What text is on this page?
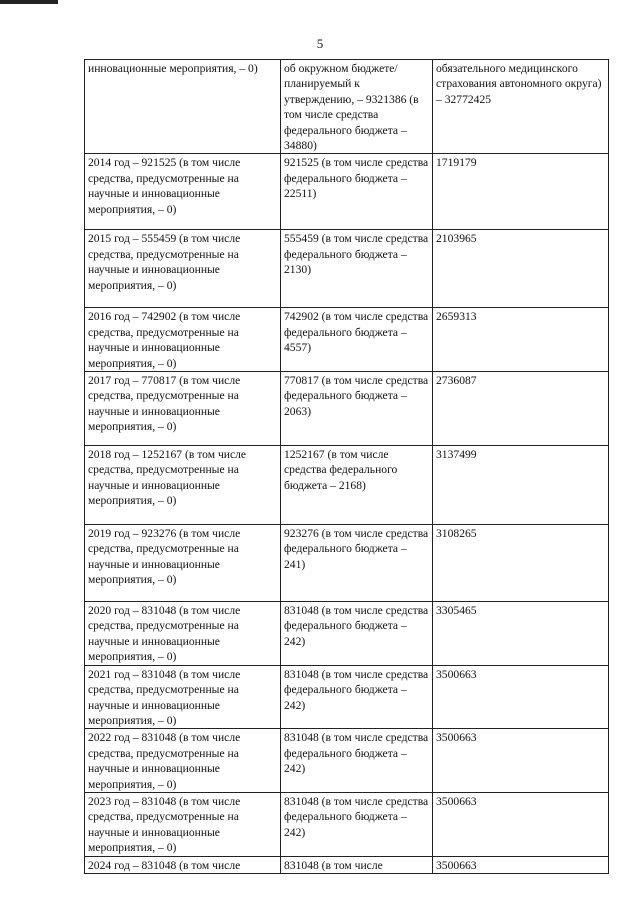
5
инновационные мероприятия, – 0)	об окружном бюджете/планируемый к утверждению, – 9321386 (в том числе средства федерального бюджета – 34880)	обязательного медицинского страхования автономного округа) – 32772425
2014 год – 921525 (в том числе средства, предусмотренные на научные и инновационные мероприятия, – 0)	921525 (в том числе средства федерального бюджета – 22511)	1719179
2015 год – 555459 (в том числе средства, предусмотренные на научные и инновационные мероприятия, – 0)	555459 (в том числе средства федерального бюджета – 2130)	2103965
2016 год – 742902 (в том числе средства, предусмотренные на научные и инновационные мероприятия, – 0)	742902 (в том числе средства федерального бюджета – 4557)	2659313
2017 год – 770817 (в том числе средства, предусмотренные на научные и инновационные мероприятия, – 0)	770817 (в том числе средства федерального бюджета – 2063)	2736087
2018 год – 1252167 (в том числе средства, предусмотренные на научные и инновационные мероприятия, – 0)	1252167 (в том числе средства федерального бюджета – 2168)	3137499
2019 год – 923276 (в том числе средства, предусмотренные на научные и инновационные мероприятия, – 0)	923276 (в том числе средства федерального бюджета – 241)	3108265
2020 год – 831048 (в том числе средства, предусмотренные на научные и инновационные мероприятия, – 0)	831048 (в том числе средства федерального бюджета – 242)	3305465
2021 год – 831048 (в том числе средства, предусмотренные на научные и инновационные мероприятия, – 0)	831048 (в том числе средства федерального бюджета – 242)	3500663
2022 год – 831048 (в том числе средства, предусмотренные на научные и инновационные мероприятия, – 0)	831048 (в том числе средства федерального бюджета – 242)	3500663
2023 год – 831048 (в том числе средства, предусмотренные на научные и инновационные мероприятия, – 0)	831048 (в том числе средства федерального бюджета – 242)	3500663
2024 год – 831048 (в том числе	831048 (в том числе	3500663
